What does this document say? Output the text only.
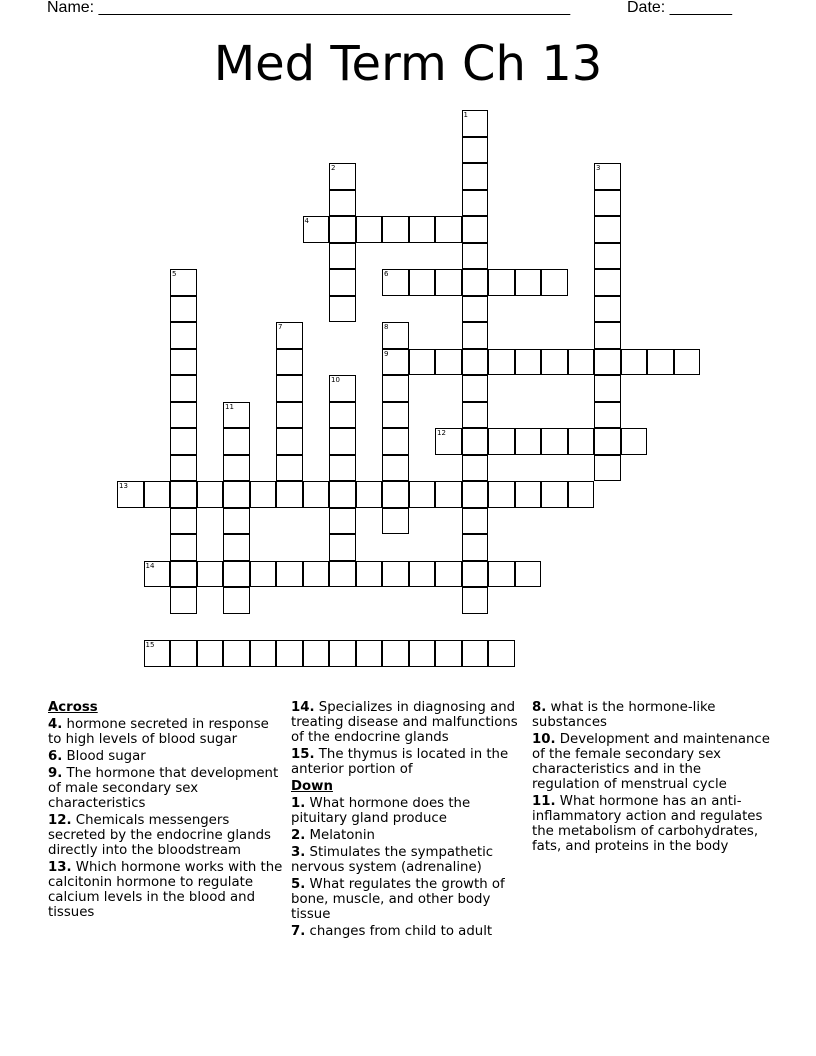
Name: _____________________________________________________	Date: _______
Med Term Ch 13
1
2	3
4
5	6
7	8
9
10
11
12
13
14
15
Across
4. hormone secreted in response to high levels of blood sugar
6. Blood sugar
9. The hormone that development of male secondary sex characteristics
12. Chemicals messengers secreted by the endocrine glands directly into the bloodstream
13. Which hormone works with the calcitonin hormone to regulate calcium levels in the blood and tissues
14. Specializes in diagnosing and treating disease and malfunctions of the endocrine glands
15. The thymus is located in the anterior portion of
Down
1. What hormone does the pituitary gland produce
2. Melatonin
3. Stimulates the sympathetic nervous system (adrenaline)
5. What regulates the growth of bone, muscle, and other body tissue
7. changes from child to adult
8. what is the hormone-like substances
10. Development and maintenance of the female secondary sex characteristics and in the regulation of menstrual cycle
11. What hormone has an anti-inflammatory action and regulates the metabolism of carbohydrates, fats, and proteins in the body
